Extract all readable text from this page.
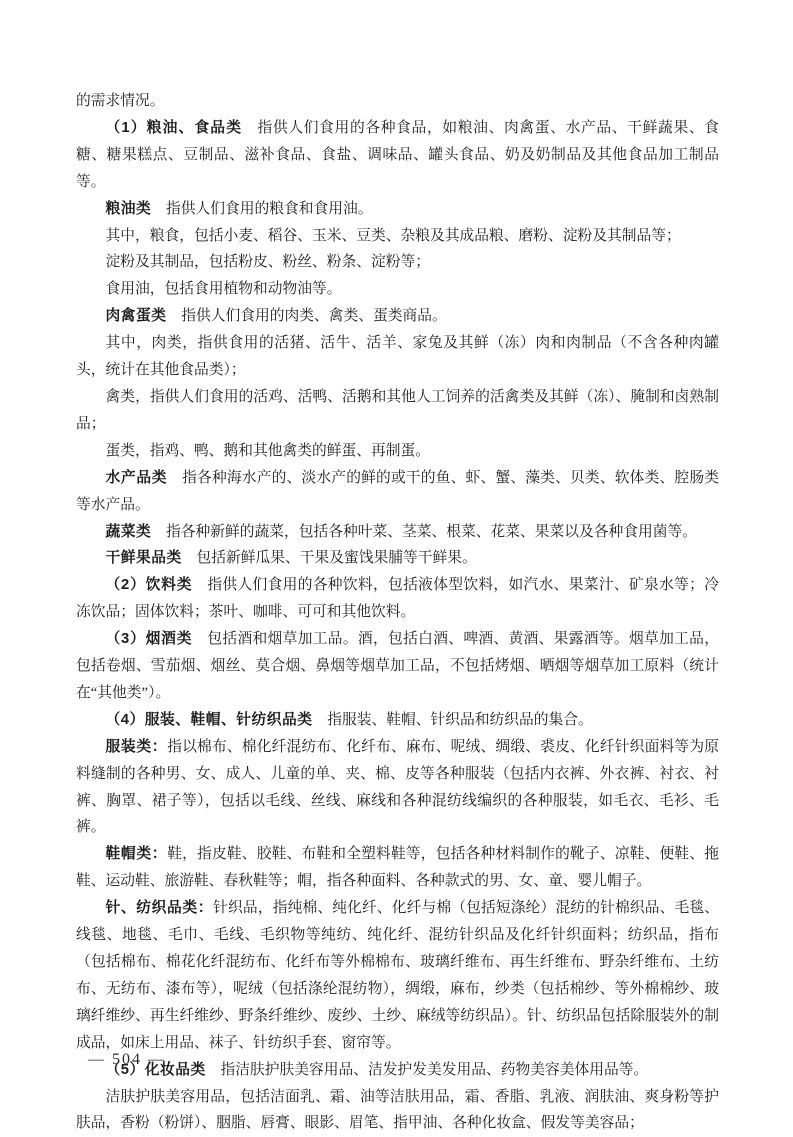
的需求情况。

（1）粮油、食品类　指供人们食用的各种食品，如粮油、肉禽蛋、水产品、干鲜蔬果、食糖、糖果糕点、豆制品、滋补食品、食盐、调味品、罐头食品、奶及奶制品及其他食品加工制品等。

粮油类　指供人们食用的粮食和食用油。

其中，粮食，包括小麦、稻谷、玉米、豆类、杂粮及其成品粮、磨粉、淀粉及其制品等；

淀粉及其制品，包括粉皮、粉丝、粉条、淀粉等；

食用油，包括食用植物和动物油等。

肉禽蛋类　指供人们食用的肉类、禽类、蛋类商品。

其中，肉类，指供食用的活猪、活牛、活羊、家兔及其鲜（冻）肉和肉制品（不含各种肉罐头，统计在其他食品类）；

禽类，指供人们食用的活鸡、活鸭、活鹅和其他人工饲养的活禽类及其鲜（冻）、腌制和卤熟制品；

蛋类，指鸡、鸭、鹅和其他禽类的鲜蛋、再制蛋。

水产品类　指各种海水产的、淡水产的鲜的或干的鱼、虾、蟹、藻类、贝类、软体类、腔肠类等水产品。

蔬菜类　指各种新鲜的蔬菜，包括各种叶菜、茎菜、根菜、花菜、果菜以及各种食用菌等。

干鲜果品类　包括新鲜瓜果、干果及蜜饯果脯等干鲜果。

（2）饮料类　指供人们食用的各种饮料，包括液体型饮料，如汽水、果菜汁、矿泉水等；冷冻饮品；固体饮料；茶叶、咖啡、可可和其他饮料。

（3）烟酒类　包括酒和烟草加工品。酒，包括白酒、啤酒、黄酒、果露酒等。烟草加工品，包括卷烟、雪茄烟、烟丝、莫合烟、鼻烟等烟草加工品，不包括烤烟、晒烟等烟草加工原料（统计在“其他类”）。

（4）服装、鞋帽、针纺织品类　指服装、鞋帽、针织品和纺织品的集合。

服装类：指以棉布、棉化纤混纺布、化纤布、麻布、呢绒、绸缎、裘皮、化纤针织面料等为原料缝制的各种男、女、成人、儿童的单、夹、棉、皮等各种服装（包括内衣裤、外衣裤、衬衣、衬裤、胸罩、裙子等），包括以毛线、丝线、麻线和各种混纺线编织的各种服装，如毛衣、毛衫、毛裤。

鞋帽类：鞋，指皮鞋、胶鞋、布鞋和全塑料鞋等，包括各种材料制作的靴子、凉鞋、便鞋、拖鞋、运动鞋、旅游鞋、春秋鞋等；帽，指各种面料、各种款式的男、女、童、婴儿帽子。

针、纺织品类：针织品，指纯棉、纯化纤、化纤与棉（包括短涤纶）混纺的针棉织品、毛毯、线毯、地毯、毛巾、毛线、毛织物等纯纺、纯化纤、混纺针织品及化纤针织面料；纺织品，指布（包括棉布、棉花化纤混纺布、化纤布等外棉棉布、玻璃纤维布、再生纤维布、野杂纤维布、土纺布、无纺布、漆布等），呢绒（包括涤纶混纺物），绸缎，麻布，纱类（包括棉纱、等外棉棉纱、玻璃纤维纱、再生纤维纱、野条纤维纱、废纱、土纱、麻绒等纺织品）。针、纺织品包括除服装外的制成品，如床上用品、袜子、针纺织手套、窗帘等。

（5）化妆品类　指洁肤护肤美容用品、洁发护发美发用品、药物美容美体用品等。

洁肤护肤美容用品，包括洁面乳、霜、油等洁肤用品，霜、香脂、乳液、润肤油、爽身粉等护肤品，香粉（粉饼）、胭脂、唇膏、眼影、眉笔、指甲油、各种化妆盒、假发等美容品；

— 504 —
